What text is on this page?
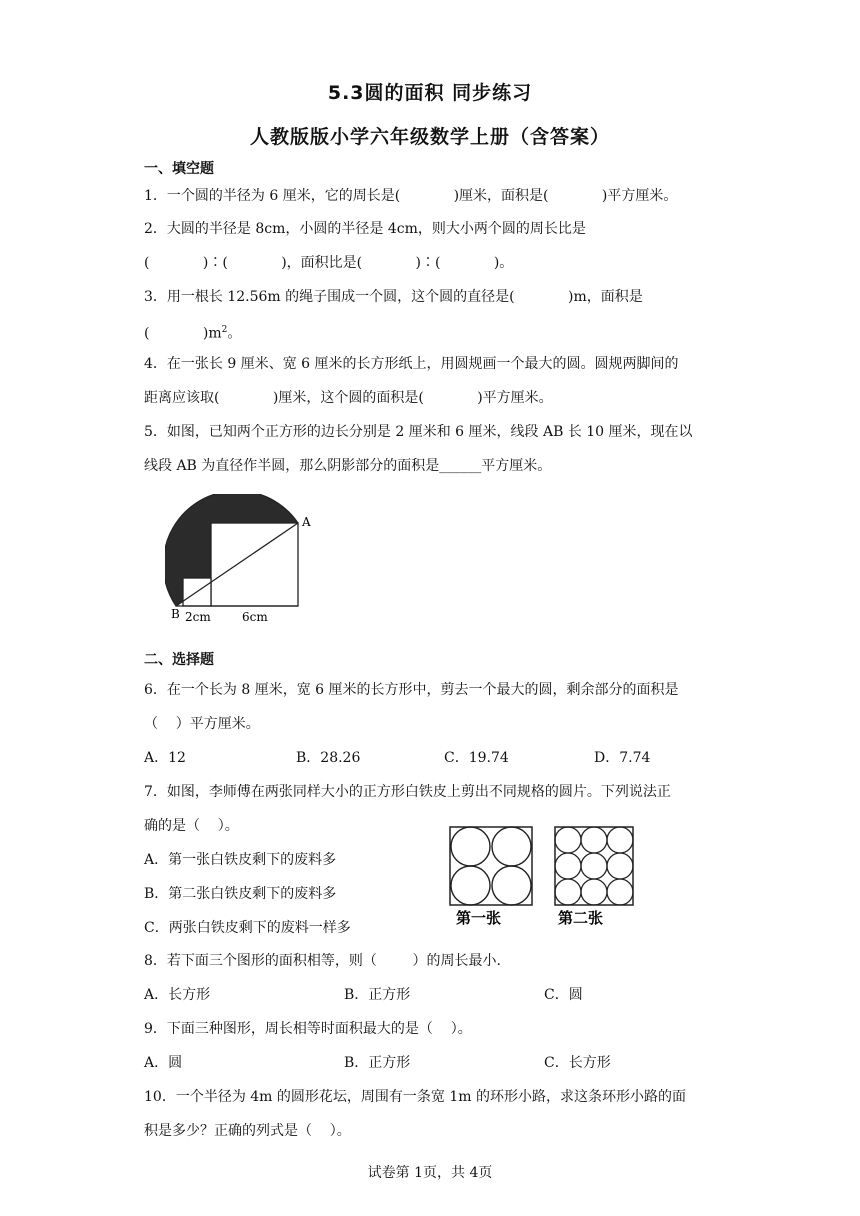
5.3圆的面积 同步练习
人教版版小学六年级数学上册（含答案）
一、填空题
1．一个圆的半径为 6 厘米，它的周长是(            )厘米，面积是(            )平方厘米。
2．大圆的半径是 8cm，小圆的半径是 4cm，则大小两个圆的周长比是
(            )∶(            )，面积比是(            )∶(            )。
3．用一根长 12.56m 的绳子围成一个圆，这个圆的直径是(            )m，面积是
(            )$m^2$。
4．在一张长 9 厘米、宽 6 厘米的长方形纸上，用圆规画一个最大的圆。圆规两脚间的
距离应该取(            )厘米，这个圆的面积是(            )平方厘米。
5．如图，已知两个正方形的边长分别是 2 厘米和 6 厘米，线段 AB 长 10 厘米，现在以
线段 AB 为直径作半圆，那么阴影部分的面积是______平方厘米。
A
B 2cm	6cm
二、选择题
6．在一个长为 8 厘米，宽 6 厘米的长方形中，剪去一个最大的圆，剩余部分的面积是
（    ）平方厘米。
A．12	B．28.26	C．19.74	D．7.74
7．如图，李师傅在两张同样大小的正方形白铁皮上剪出不同规格的圆片。下列说法正
确的是（    ）。
A．第一张白铁皮剩下的废料多
B．第二张白铁皮剩下的废料多
C．两张白铁皮剩下的废料一样多
第一张	第二张
8．若下面三个图形的面积相等，则（        ）的周长最小.
A．长方形	B．正方形	C．圆
9．下面三种图形，周长相等时面积最大的是（    ）。
A．圆	B．正方形	C．长方形
10．一个半径为 4m 的圆形花坛，周围有一条宽 1m 的环形小路，求这条环形小路的面
积是多少？正确的列式是（    ）。
试卷第 1页，共 4页
